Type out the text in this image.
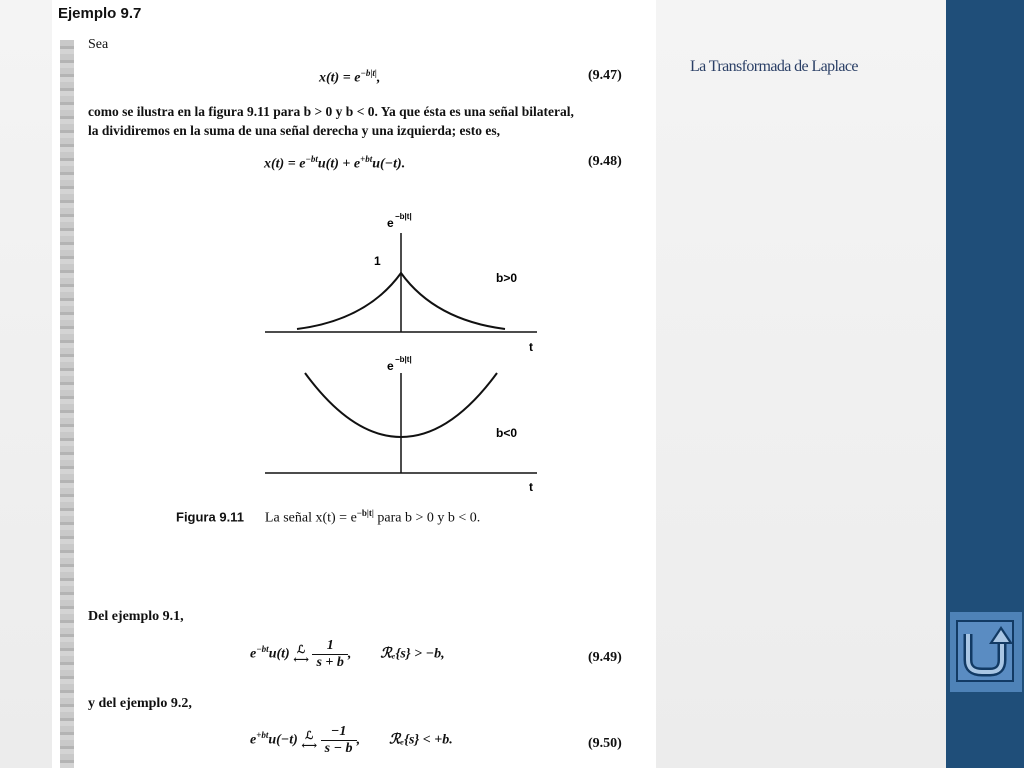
Ejemplo 9.7
Sea
$x(t) = e^{-b|t|}$,	(9.47)
como se ilustra en la figura 9.11 para b > 0 y b < 0. Ya que ésta es una señal bilateral,
la dividiremos en la suma de una señal derecha y una izquierda; esto es,
$x(t) = e^{-bt}u(t) + e^{+bt}u(-t)$.	(9.48)
e −b|t|
1
b>0
t
e −b|t|
b<0
t
Figura 9.11 La señal $x(t) = e^{-b|t|}$ para b > 0 y b < 0.
Del ejemplo 9.1,
$e^{-bt}u(t)$ ℒ
⟷ $\frac{1}{s + b}$ , ℛₑ{s} > −b,	(9.49)
y del ejemplo 9.2,
$e^{+bt}u(-t)$ ℒ
⟷ $\frac{-1}{s - b}$ , ℛₑ{s} < +b.	(9.50)
La Transformada de Laplace
